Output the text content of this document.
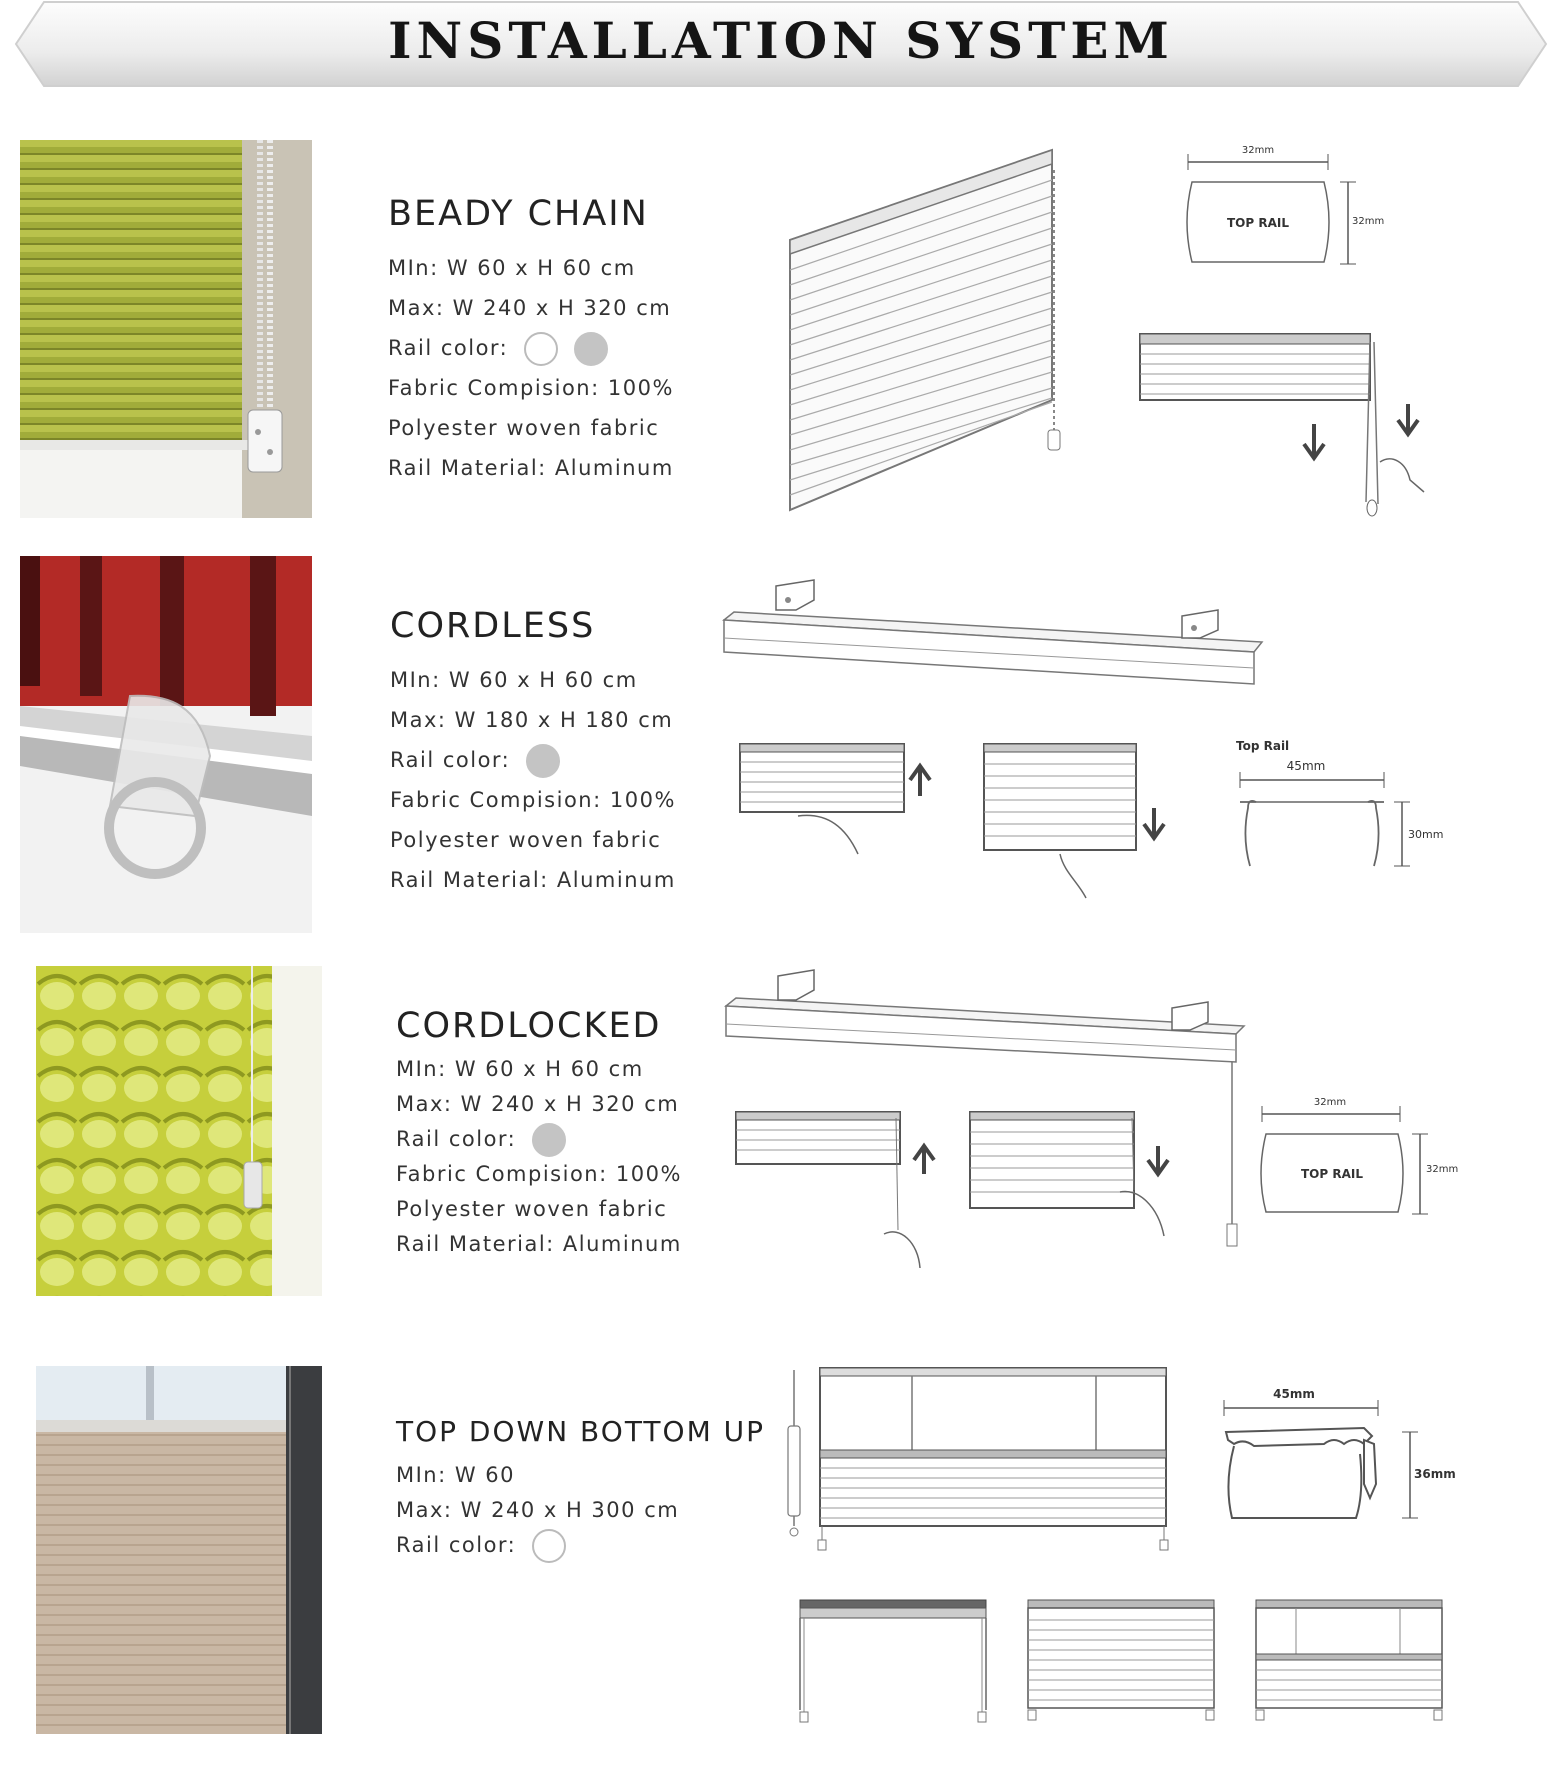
INSTALLATION SYSTEM
BEADY CHAIN
MIn: W 60 x H 60 cm
Max: W 240 x H 320 cm
Rail color:
Fabric Compision: 100%
Polyester woven fabric
Rail Material: Aluminum
32mm
TOP RAIL	32mm
CORDLESS
MIn: W 60 x H 60 cm
Max: W 180 x H 180 cm
Rail color:
Fabric Compision: 100%
Polyester woven fabric
Rail Material: Aluminum
Top Rail
45mm
30mm
CORDLOCKED
MIn: W 60 x H 60 cm
Max: W 240 x H 320 cm
Rail color:
Fabric Compision: 100%
Polyester woven fabric
Rail Material: Aluminum
32mm
TOP RAIL	32mm
TOP DOWN BOTTOM UP
MIn: W 60
Max: W 240 x H 300 cm
Rail color:
45mm
36mm
